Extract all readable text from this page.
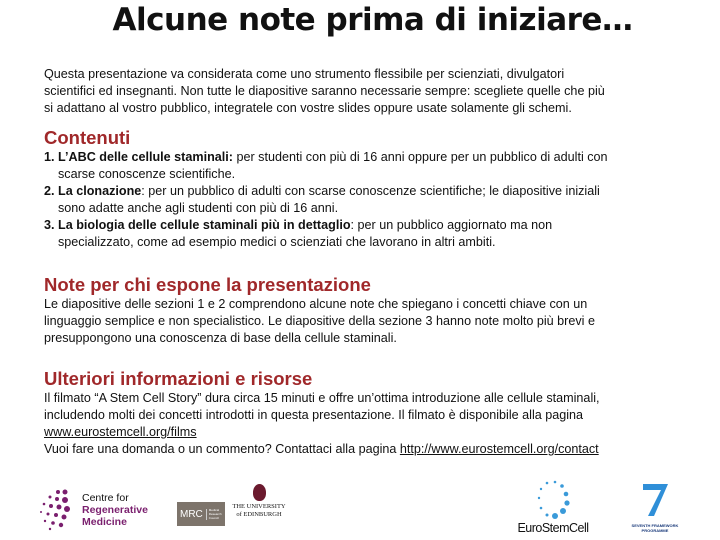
Alcune note prima di iniziare…
Questa presentazione va considerata come uno strumento flessibile per scienziati, divulgatori
scientifici ed insegnanti. Non tutte le diapositive saranno necessarie sempre: scegliete quelle che più
si adattano al vostro pubblico, integratele con vostre slides oppure usate solamente gli schemi.
Contenuti
1. L’ABC delle cellule staminali: per studenti con più di 16 anni oppure per un pubblico di adulti con
scarse conoscenze scientifiche.
2. La clonazione: per un pubblico di adulti con scarse conoscenze scientifiche; le diapositive iniziali
sono adatte anche agli studenti con più di 16 anni.
3. La biologia delle cellule staminali più in dettaglio: per un pubblico aggiornato ma non
specializzato, come ad esempio medici o scienziati che lavorano in altri ambiti.
Note per chi espone la presentazione
Le diapositive delle sezioni 1 e 2 comprendono alcune note che spiegano i concetti chiave con un
linguaggio semplice e non specialistico. Le diapositive della sezione 3 hanno note molto più brevi e
presuppongono una conoscenza di base della cellule staminali.
Ulteriori informazioni e risorse
Il filmato “A Stem Cell Story” dura circa 15 minuti e offre un’ottima introduzione alle cellule staminali,
includendo molti dei concetti introdotti in questa presentazione. Il filmato è disponibile alla pagina
www.eurostemcell.org/films
Vuoi fare una domanda o un commento? Contattaci alla pagina http://www.eurostemcell.org/contact
Centre for
Regenerative
Medicine
MRC	Medical
Research
Council
THE UNIVERSITY
of EDINBURGH
EuroStemCell	SEVENTH FRAMEWORK PROGRAMME
